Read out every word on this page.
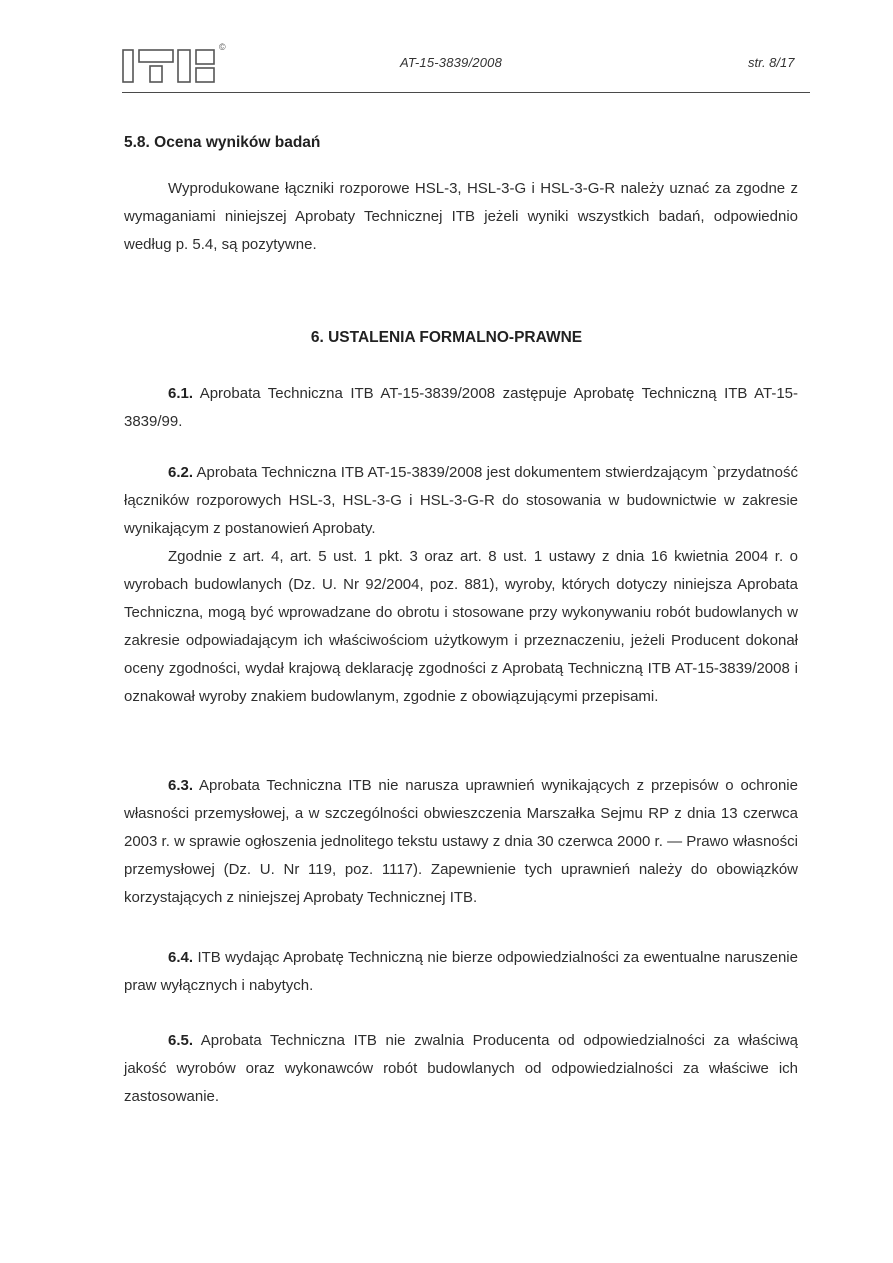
©
AT-15-3839/2008	str. 8/17

5.8. Ocena wyników badań

Wyprodukowane łączniki rozporowe HSL-3, HSL-3-G i HSL-3-G-R należy uznać za zgodne z wymaganiami niniejszej Aprobaty Technicznej ITB jeżeli wyniki wszystkich badań, odpowiednio według p. 5.4, są pozytywne.

6. USTALENIA FORMALNO-PRAWNE

6.1. Aprobata Techniczna ITB AT-15-3839/2008 zastępuje Aprobatę Techniczną ITB AT-15-3839/99.

6.2. Aprobata Techniczna ITB AT-15-3839/2008 jest dokumentem stwierdzającym `przydatność łączników rozporowych HSL-3, HSL-3-G i HSL-3-G-R do stosowania w budownictwie w zakresie wynikającym z postanowień Aprobaty.

Zgodnie z art. 4, art. 5 ust. 1 pkt. 3 oraz art. 8 ust. 1 ustawy z dnia 16 kwietnia 2004 r. o wyrobach budowlanych (Dz. U. Nr 92/2004, poz. 881), wyroby, których dotyczy niniejsza Aprobata Techniczna, mogą być wprowadzane do obrotu i stosowane przy wykonywaniu robót budowlanych w zakresie odpowiadającym ich właściwościom użytkowym i przeznaczeniu, jeżeli Producent dokonał oceny zgodności, wydał krajową deklarację zgodności z Aprobatą Techniczną ITB AT-15-3839/2008 i oznakował wyroby znakiem budowlanym, zgodnie z obowiązującymi przepisami.

6.3. Aprobata Techniczna ITB nie narusza uprawnień wynikających z przepisów o ochronie własności przemysłowej, a w szczególności obwieszczenia Marszałka Sejmu RP z dnia 13 czerwca 2003 r. w sprawie ogłoszenia jednolitego tekstu ustawy z dnia 30 czerwca 2000 r. — Prawo własności przemysłowej (Dz. U. Nr 119, poz. 1117). Zapewnienie tych uprawnień należy do obowiązków korzystających z niniejszej Aprobaty Technicznej ITB.

6.4. ITB wydając Aprobatę Techniczną nie bierze odpowiedzialności za ewentualne naruszenie praw wyłącznych i nabytych.

6.5. Aprobata Techniczna ITB nie zwalnia Producenta od odpowiedzialności za właściwą jakość wyrobów oraz wykonawców robót budowlanych od odpowiedzialności za właściwe ich zastosowanie.
